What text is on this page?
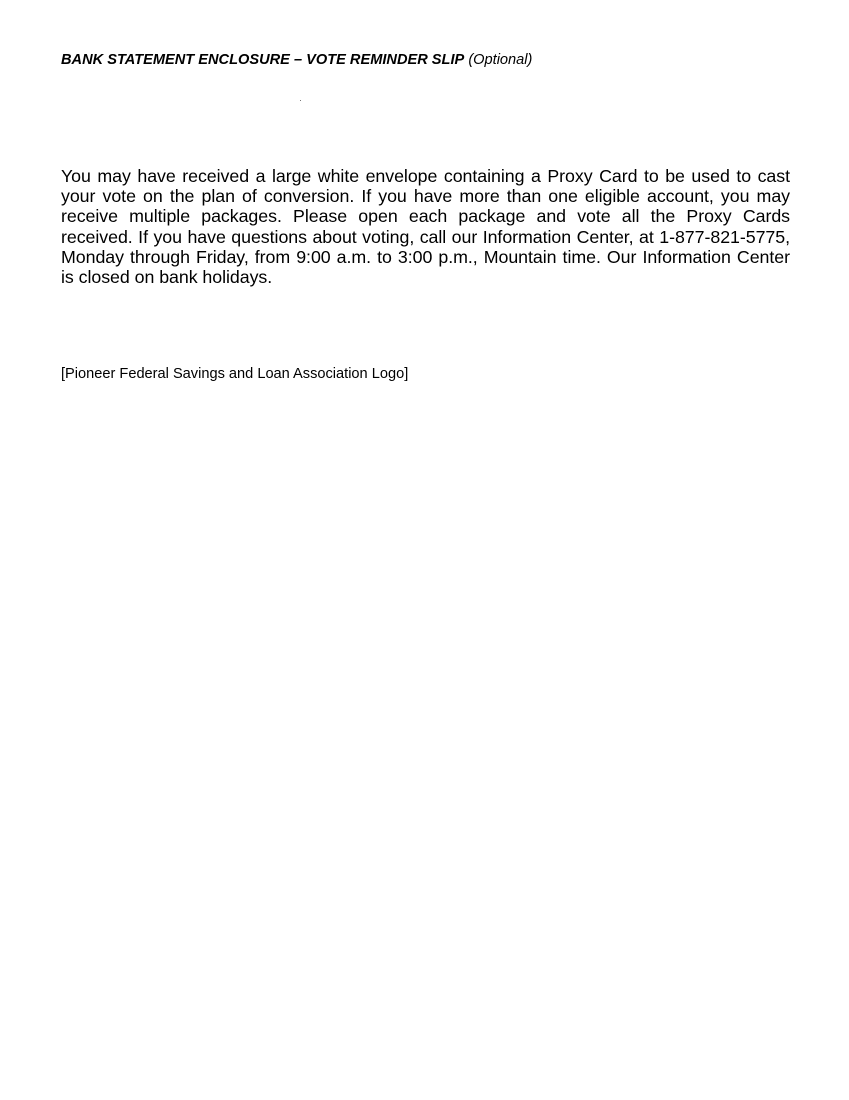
BANK STATEMENT ENCLOSURE – VOTE REMINDER SLIP (Optional)

You may have received a large white envelope containing a Proxy Card to be used to cast your vote on the plan of conversion. If you have more than one eligible account, you may receive multiple packages. Please open each package and vote all the Proxy Cards received. If you have questions about voting, call our Information Center, at 1-877-821-5775, Monday through Friday, from 9:00 a.m. to 3:00 p.m., Mountain time. Our Information Center is closed on bank holidays.

[Pioneer Federal Savings and Loan Association Logo]
